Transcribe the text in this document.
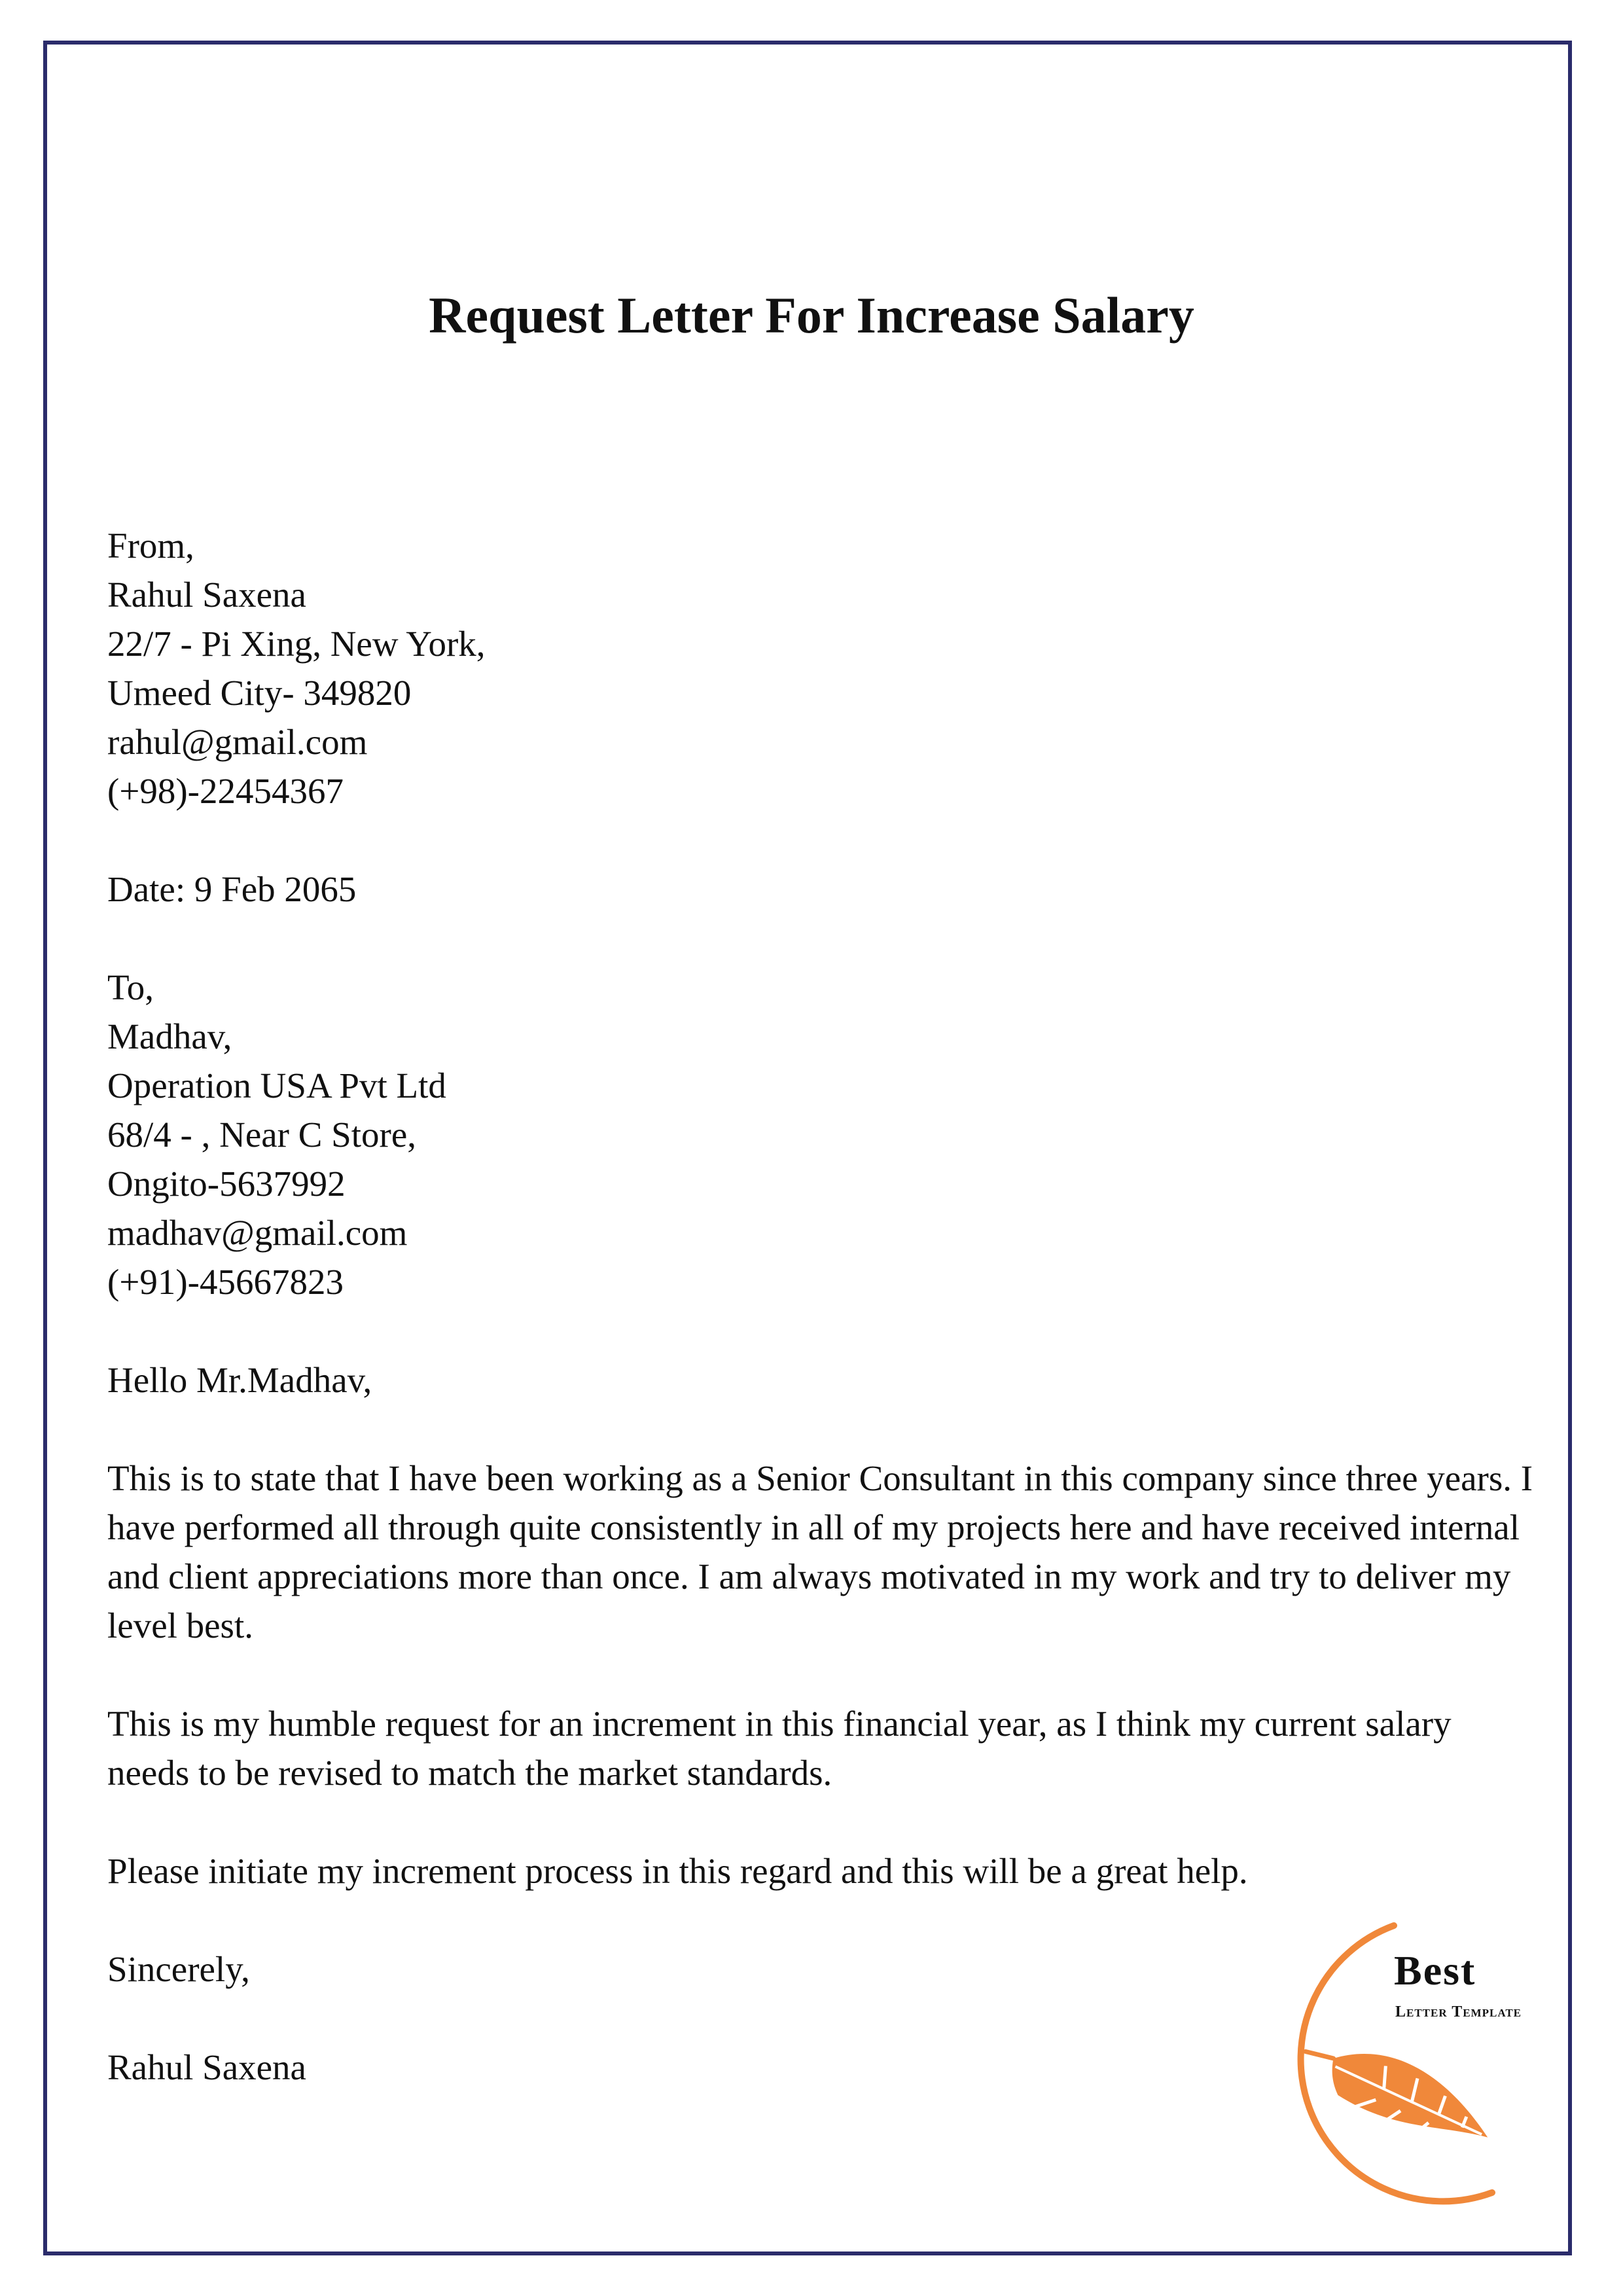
Request Letter For Increase Salary
From,
Rahul Saxena
22/7 - Pi Xing, New York,
Umeed City- 349820
rahul@gmail.com
(+98)-22454367
Date: 9 Feb 2065
To,
Madhav,
Operation USA Pvt Ltd
68/4 - , Near C Store,
Ongito-5637992
madhav@gmail.com
(+91)-45667823
Hello Mr.Madhav,
This is to state that I have been working as a Senior Consultant in this company since three years. I have performed all through quite consistently in all of my projects here and have received internal and client appreciations more than once. I am always motivated in my work and try to deliver my level best.
This is my humble request for an increment in this financial year, as I think my current salary needs to be revised to match the market standards.
Please initiate my increment process in this regard and this will be a great help.
Sincerely,
Rahul Saxena
Best
Letter Template
